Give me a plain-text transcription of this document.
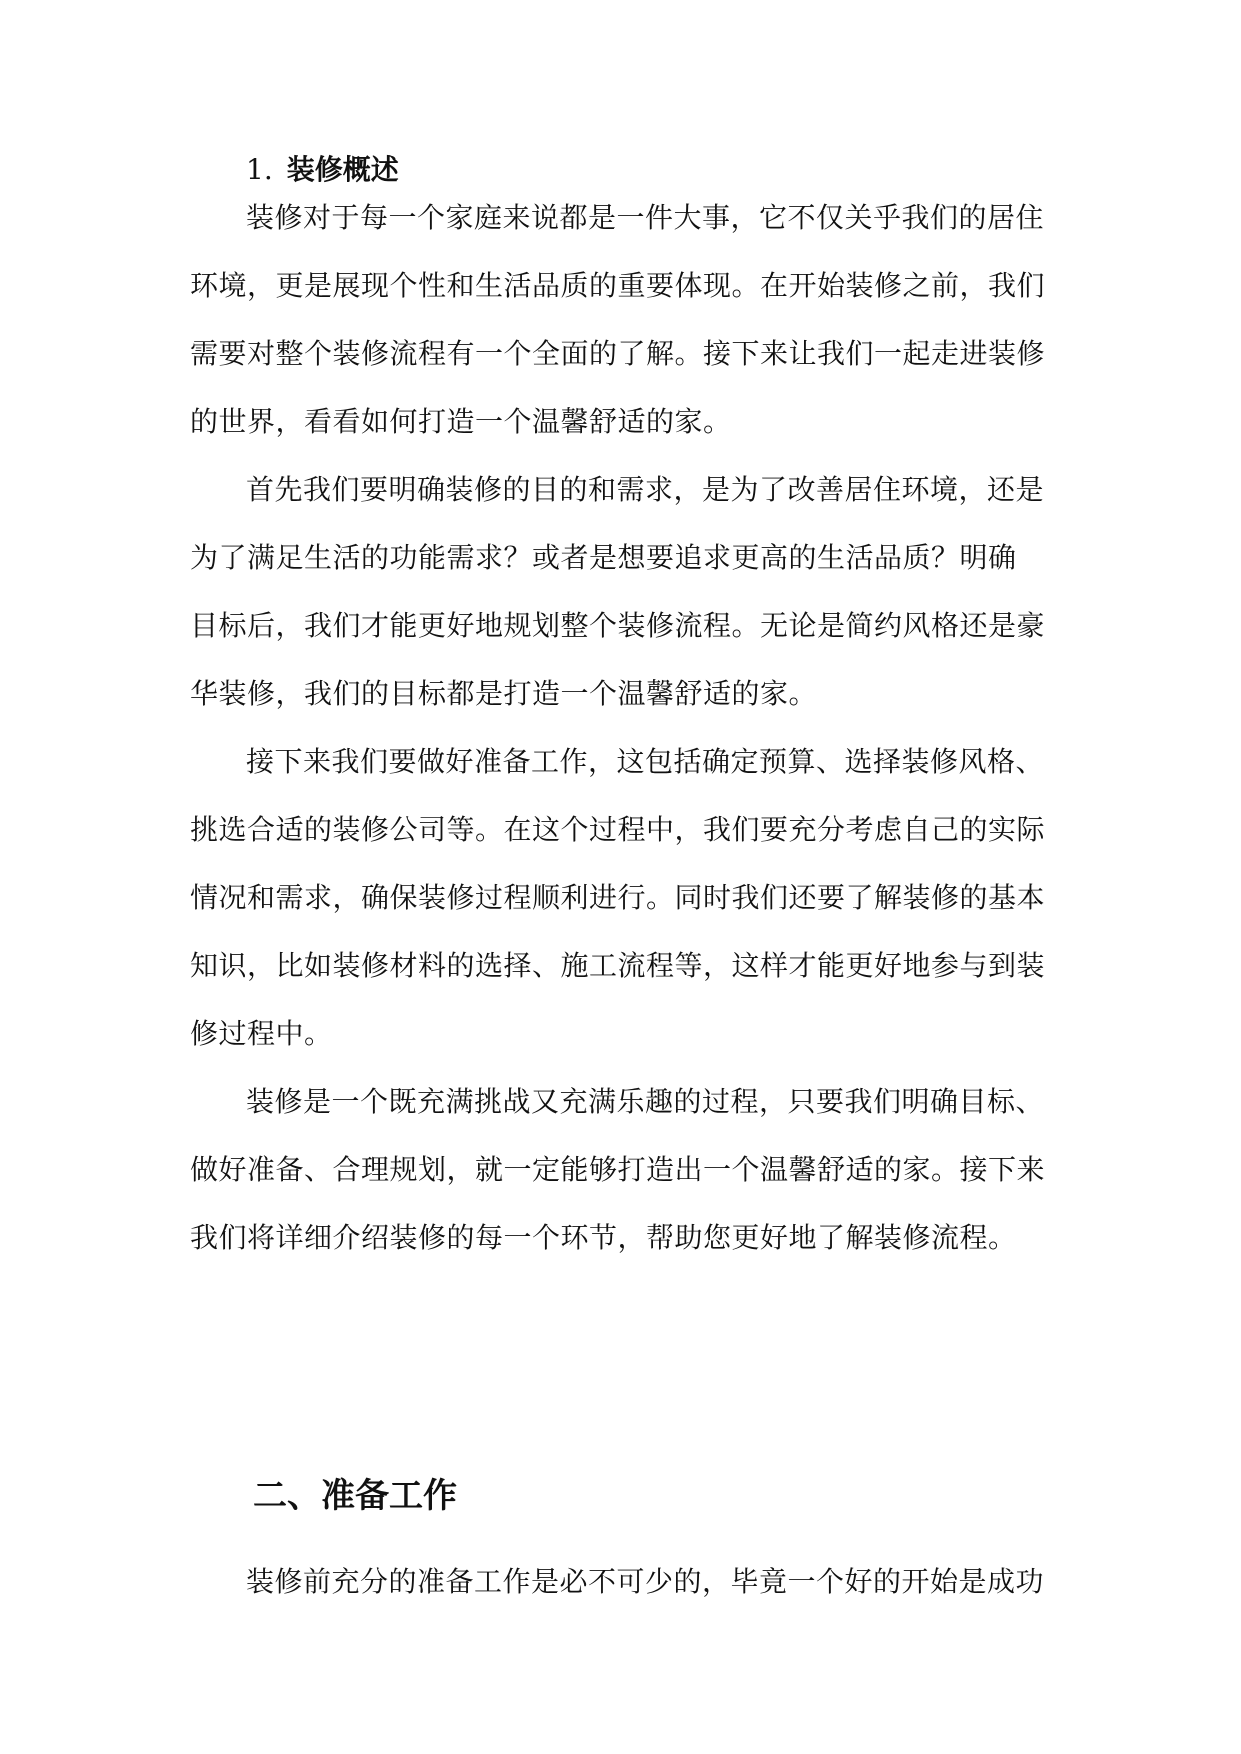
1. 装修概述
装修对于每一个家庭来说都是一件大事，它不仅关乎我们的居住
环境，更是展现个性和生活品质的重要体现。在开始装修之前，我们
需要对整个装修流程有一个全面的了解。接下来让我们一起走进装修
的世界，看看如何打造一个温馨舒适的家。
首先我们要明确装修的目的和需求，是为了改善居住环境，还是
为了满足生活的功能需求？或者是想要追求更高的生活品质？明确
目标后，我们才能更好地规划整个装修流程。无论是简约风格还是豪
华装修，我们的目标都是打造一个温馨舒适的家。
接下来我们要做好准备工作，这包括确定预算、选择装修风格、
挑选合适的装修公司等。在这个过程中，我们要充分考虑自己的实际
情况和需求，确保装修过程顺利进行。同时我们还要了解装修的基本
知识，比如装修材料的选择、施工流程等，这样才能更好地参与到装
修过程中。
装修是一个既充满挑战又充满乐趣的过程，只要我们明确目标、
做好准备、合理规划，就一定能够打造出一个温馨舒适的家。接下来
我们将详细介绍装修的每一个环节，帮助您更好地了解装修流程。
二、准备工作
装修前充分的准备工作是必不可少的，毕竟一个好的开始是成功
